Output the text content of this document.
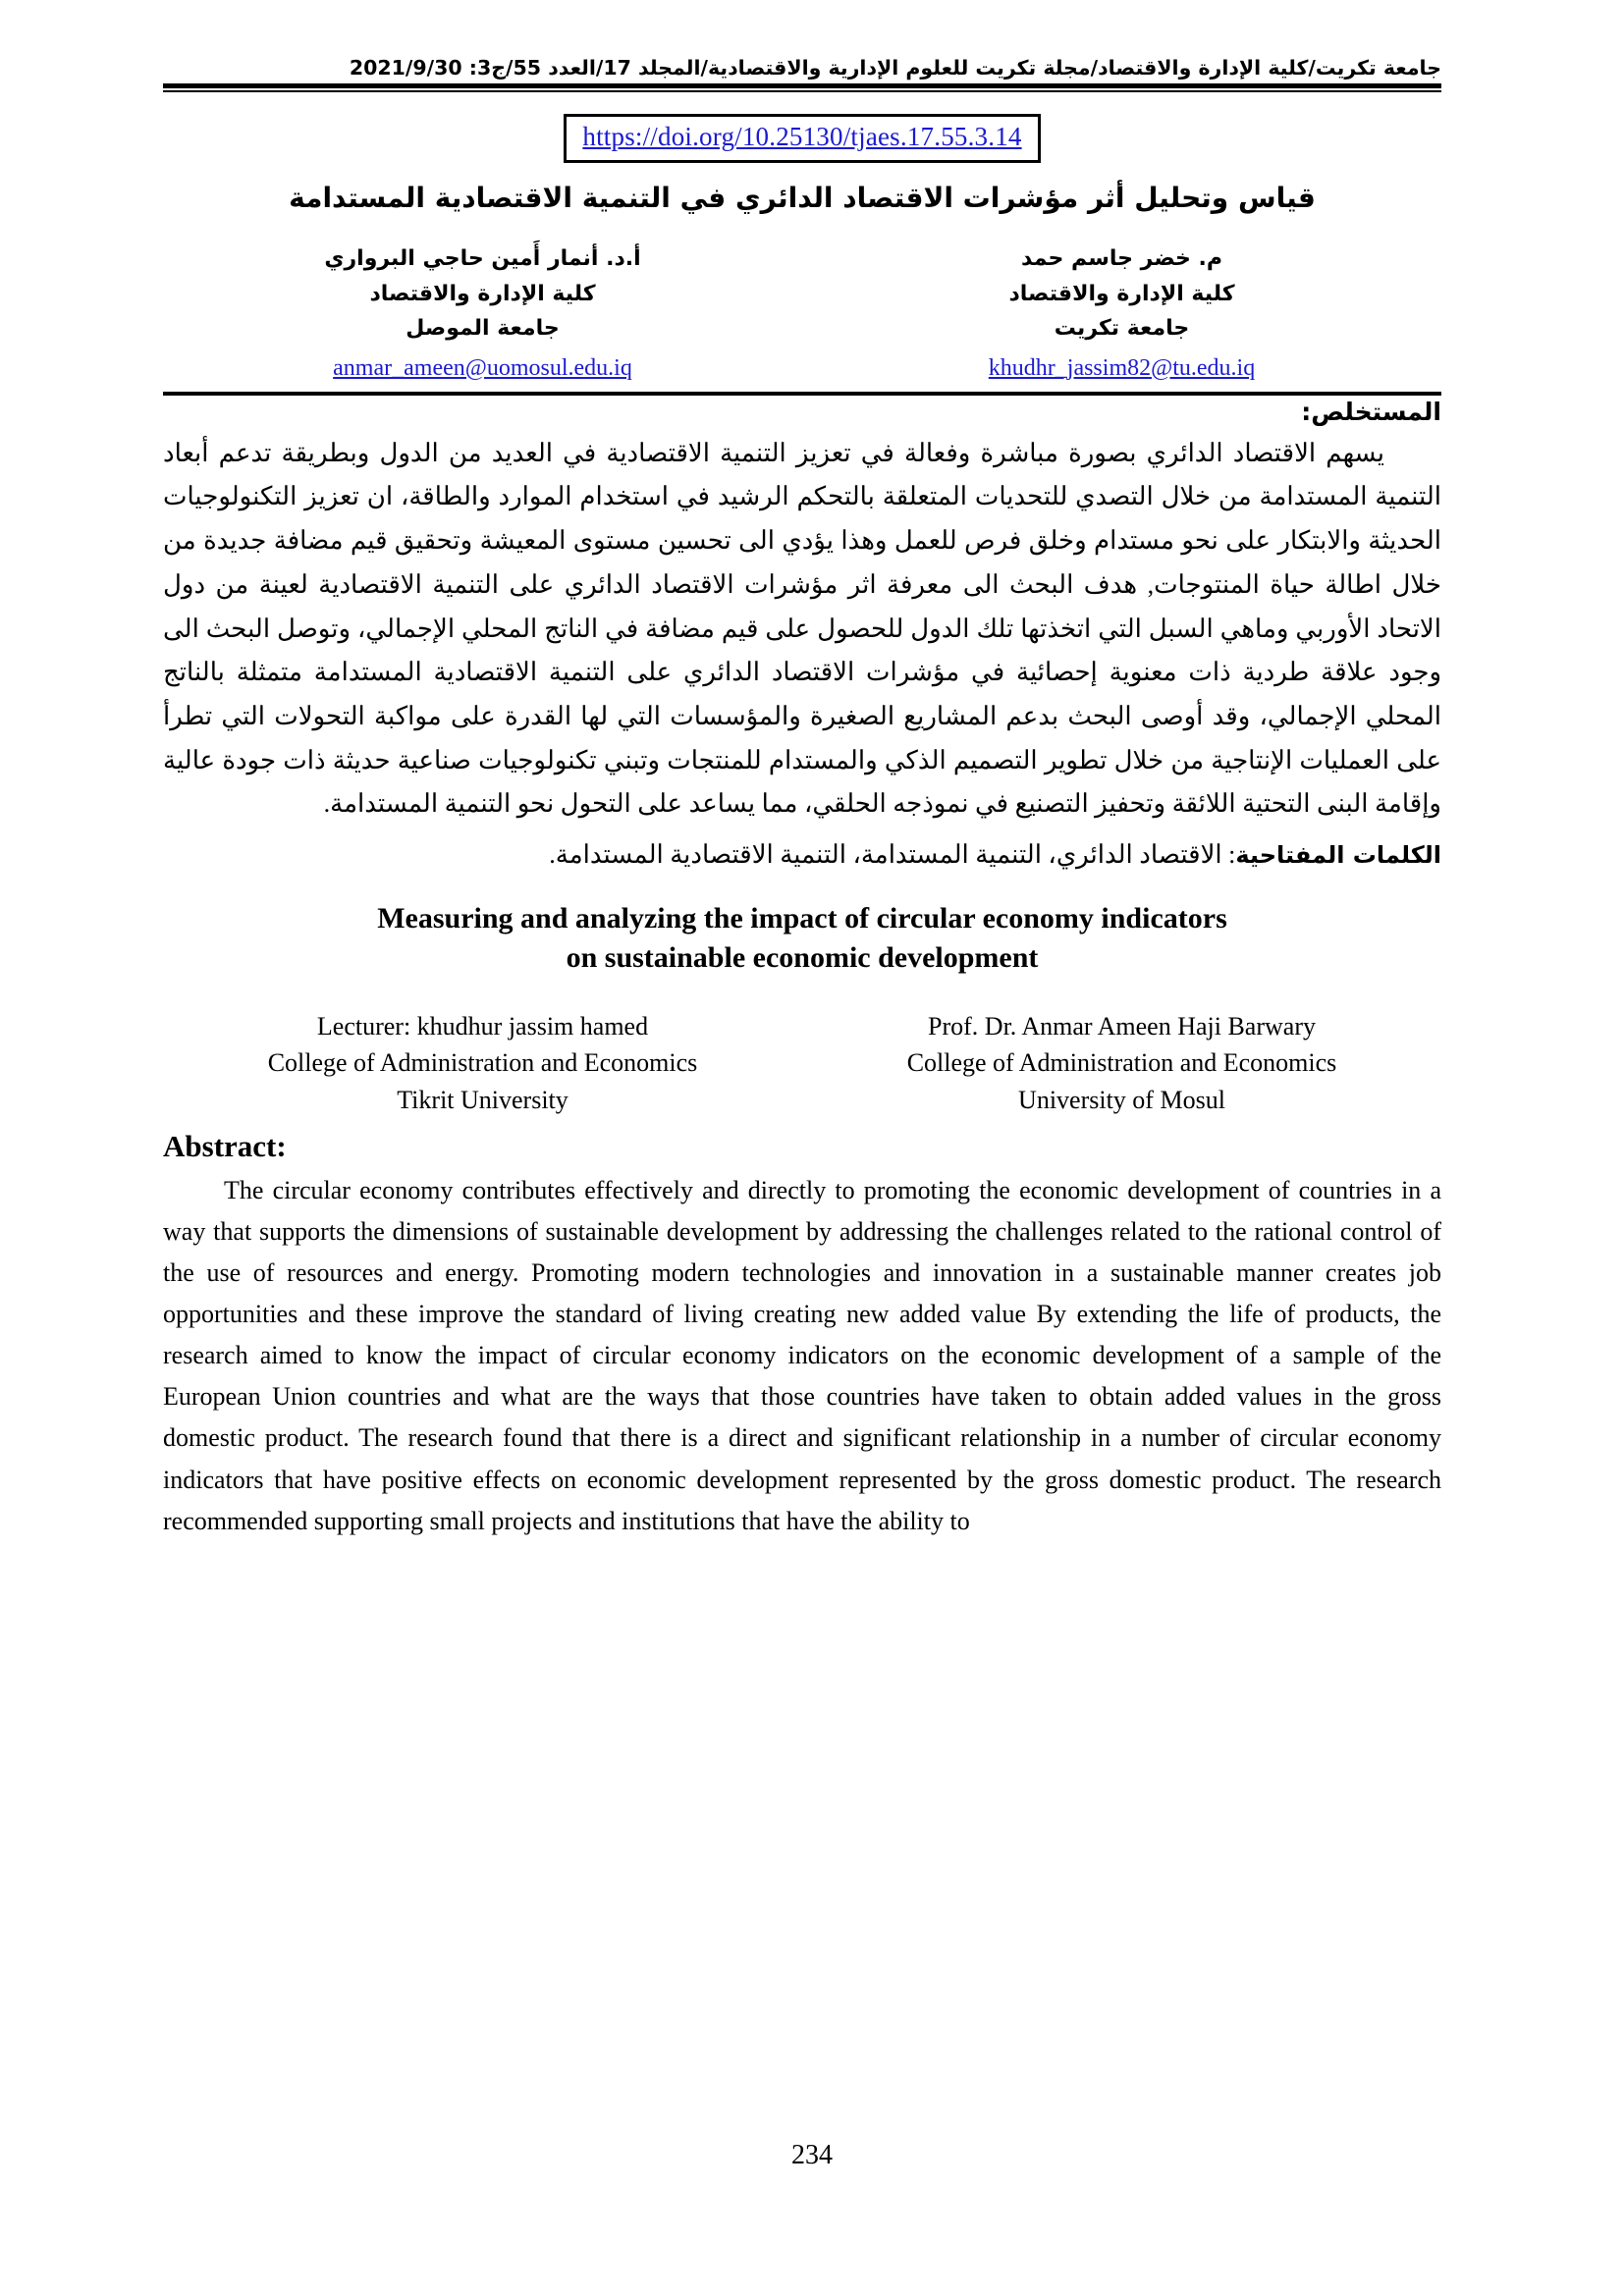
جامعة تكريت/كلية الإدارة والاقتصاد/مجلة تكريت للعلوم الإدارية والاقتصادية/المجلد 17/العدد 55/ج3: 2021/9/30
https://doi.org/10.25130/tjaes.17.55.3.14
قياس وتحليل أثر مؤشرات الاقتصاد الدائري في التنمية الاقتصادية المستدامة
م. خضر جاسم حمد
كلية الإدارة والاقتصاد
جامعة تكريت
khudhr_jassim82@tu.edu.iq
أ.د. أنمار أَمين حاجي البرواري
كلية الإدارة والاقتصاد
جامعة الموصل
anmar_ameen@uomosul.edu.iq
المستخلص:
يسهم الاقتصاد الدائري بصورة مباشرة وفعالة في تعزيز التنمية الاقتصادية في العديد من الدول وبطريقة تدعم أبعاد التنمية المستدامة من خلال التصدي للتحديات المتعلقة بالتحكم الرشيد في استخدام الموارد والطاقة، ان تعزيز التكنولوجيات الحديثة والابتكار على نحو مستدام وخلق فرص للعمل وهذا يؤدي الى تحسين مستوى المعيشة وتحقيق قيم مضافة جديدة من خلال اطالة حياة المنتوجات, هدف البحث الى معرفة اثر مؤشرات الاقتصاد الدائري على التنمية الاقتصادية لعينة من دول الاتحاد الأوربي وماهي السبل التي اتخذتها تلك الدول للحصول على قيم مضافة في الناتج المحلي الإجمالي، وتوصل البحث الى وجود علاقة طردية ذات معنوية إحصائية في مؤشرات الاقتصاد الدائري على التنمية الاقتصادية المستدامة متمثلة بالناتج المحلي الإجمالي، وقد أوصى البحث بدعم المشاريع الصغيرة والمؤسسات التي لها القدرة على مواكبة التحولات التي تطرأ على العمليات الإنتاجية من خلال تطوير التصميم الذكي والمستدام للمنتجات وتبني تكنولوجيات صناعية حديثة ذات جودة عالية وإقامة البنى التحتية اللائقة وتحفيز التصنيع في نموذجه الحلقي، مما يساعد على التحول نحو التنمية المستدامة.
الكلمات المفتاحية: الاقتصاد الدائري، التنمية المستدامة، التنمية الاقتصادية المستدامة.
Measuring and analyzing the impact of circular economy indicators
on sustainable economic development
Lecturer: khudhur jassim hamed
College of Administration and Economics
Tikrit University
Prof. Dr. Anmar Ameen Haji Barwary
College of Administration and Economics
University of Mosul
Abstract:
The circular economy contributes effectively and directly to promoting the economic development of countries in a way that supports the dimensions of sustainable development by addressing the challenges related to the rational control of the use of resources and energy. Promoting modern technologies and innovation in a sustainable manner creates job opportunities and these improve the standard of living creating new added value By extending the life of products, the research aimed to know the impact of circular economy indicators on the economic development of a sample of the European Union countries and what are the ways that those countries have taken to obtain added values in the gross domestic product. The research found that there is a direct and significant relationship in a number of circular economy indicators that have positive effects on economic development represented by the gross domestic product. The research recommended supporting small projects and institutions that have the ability to
234
